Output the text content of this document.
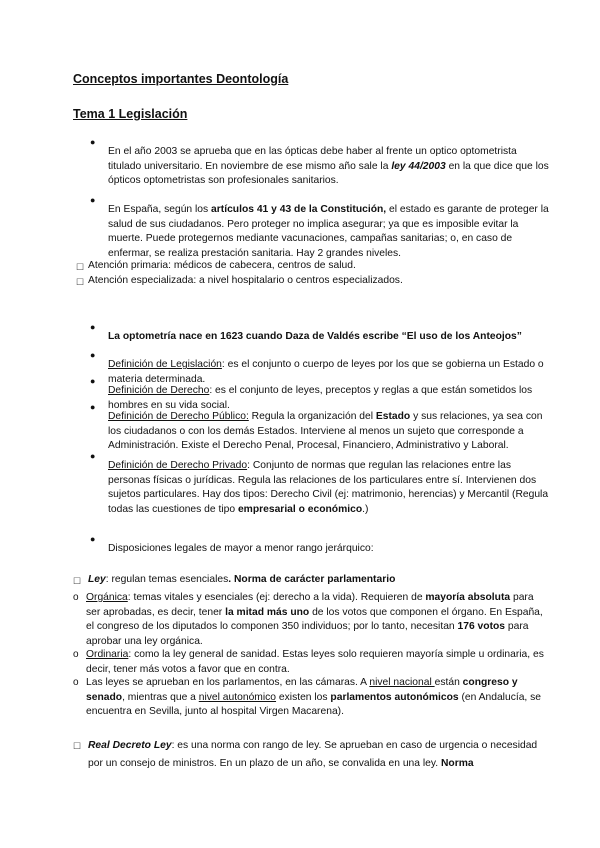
Conceptos importantes Deontología

Tema 1 Legislación

●

En el año 2003 se aprueba que en las ópticas debe haber al frente un optico optometrista titulado universitario. En noviembre de ese mismo año sale la ley 44/2003 en la que dice que los ópticos optometristas son profesionales sanitarios.

●

En España, según los artículos 41 y 43 de la Constitución, el estado es garante de proteger la salud de sus ciudadanos. Pero proteger no implica asegurar; ya que es imposible evitar la muerte. Puede protegernos mediante vacunaciones, campañas sanitarias; o, en caso de enfermar, se realiza prestación sanitaria. Hay 2 grandes niveles.

☐ Atención primaria: médicos de cabecera, centros de salud.

☐ Atención especializada: a nivel hospitalario o centros especializados.

●

La optometría nace en 1623 cuando Daza de Valdés escribe “El uso de los Anteojos”

●

Definición de Legislación: es el conjunto o cuerpo de leyes por los que se gobierna un Estado o materia determinada.

●

Definición de Derecho: es el conjunto de leyes, preceptos y reglas a que están sometidos los hombres en su vida social.

●

Definición de Derecho Público: Regula la organización del Estado y sus relaciones, ya sea con los ciudadanos o con los demás Estados. Interviene al menos un sujeto que corresponde a Administración. Existe el Derecho Penal, Procesal, Financiero, Administrativo y Laboral.

●

Definición de Derecho Privado: Conjunto de normas que regulan las relaciones entre las personas físicas o jurídicas. Regula las relaciones de los particulares entre sí. Intervienen dos sujetos particulares. Hay dos tipos: Derecho Civil (ej: matrimonio, herencias) y Mercantil (Regula todas las cuestiones de tipo empresarial o económico.)

●

Disposiciones legales de mayor a menor rango jerárquico:

☐ Ley: regulan temas esenciales. Norma de carácter parlamentario

o Orgánica: temas vitales y esenciales (ej: derecho a la vida). Requieren de mayoría absoluta para ser aprobadas, es decir, tener la mitad más uno de los votos que componen el órgano. En España, el congreso de los diputados lo componen 350 individuos; por lo tanto, necesitan 176 votos para aprobar una ley orgánica.

o Ordinaria: como la ley general de sanidad. Estas leyes solo requieren mayoría simple u ordinaria, es decir, tener más votos a favor que en contra.

o Las leyes se aprueban en los parlamentos, en las cámaras. A nivel nacional están congreso y senado, mientras que a nivel autonómico existen los parlamentos autonómicos (en Andalucía, se encuentra en Sevilla, junto al hospital Virgen Macarena).

☐ Real Decreto Ley: es una norma con rango de ley. Se aprueban en caso de urgencia o necesidad por un consejo de ministros. En un plazo de un año, se convalida en una ley. Norma
